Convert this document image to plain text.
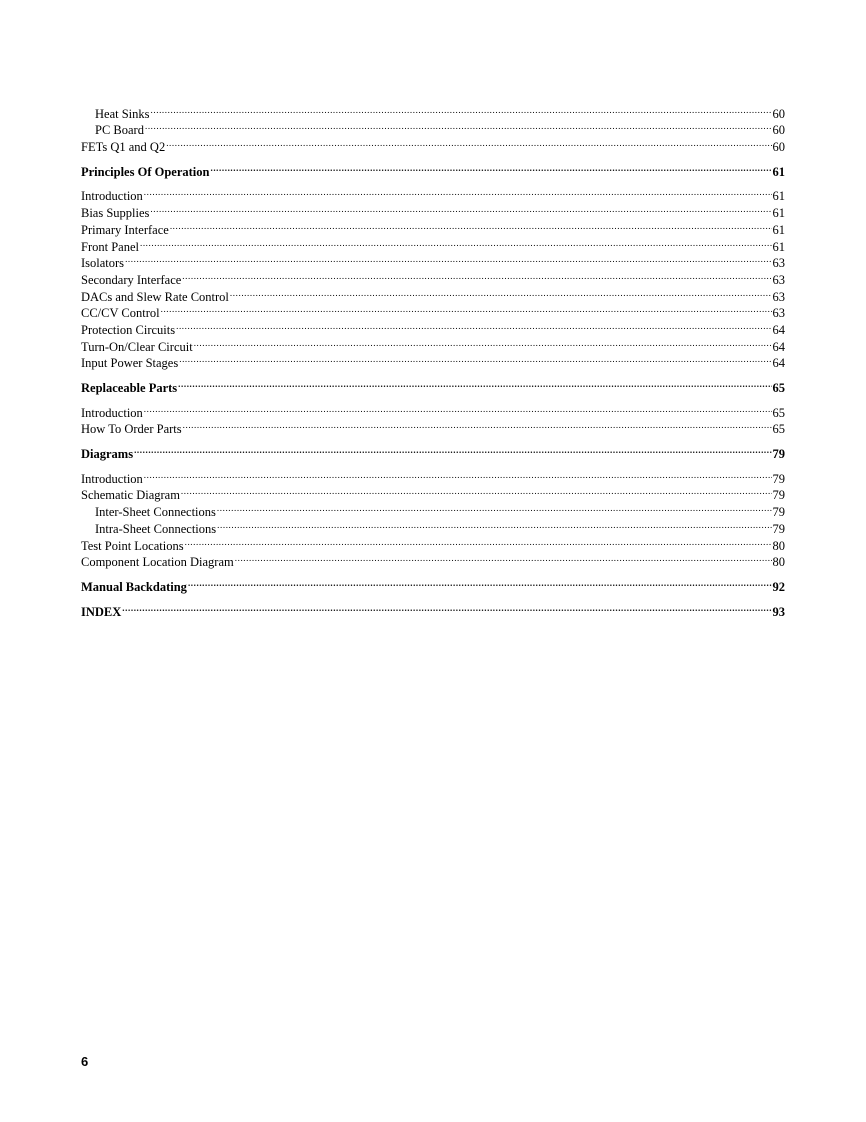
Heat Sinks .....	60
PC Board .....	60
FETs Q1 and Q2 .....	60
Principles Of Operation .....	61
Introduction .....	61
Bias Supplies .....	61
Primary Interface .....	61
Front Panel .....	61
Isolators .....	63
Secondary Interface .....	63
DACs and Slew Rate Control .....	63
CC/CV Control .....	63
Protection Circuits .....	64
Turn-On/Clear Circuit .....	64
Input Power Stages .....	64
Replaceable Parts .....	65
Introduction .....	65
How To Order Parts .....	65
Diagrams .....	79
Introduction .....	79
Schematic Diagram .....	79
Inter-Sheet Connections .....	79
Intra-Sheet Connections .....	79
Test Point Locations .....	80
Component Location Diagram .....	80
Manual Backdating .....	92
INDEX .....	93
6
